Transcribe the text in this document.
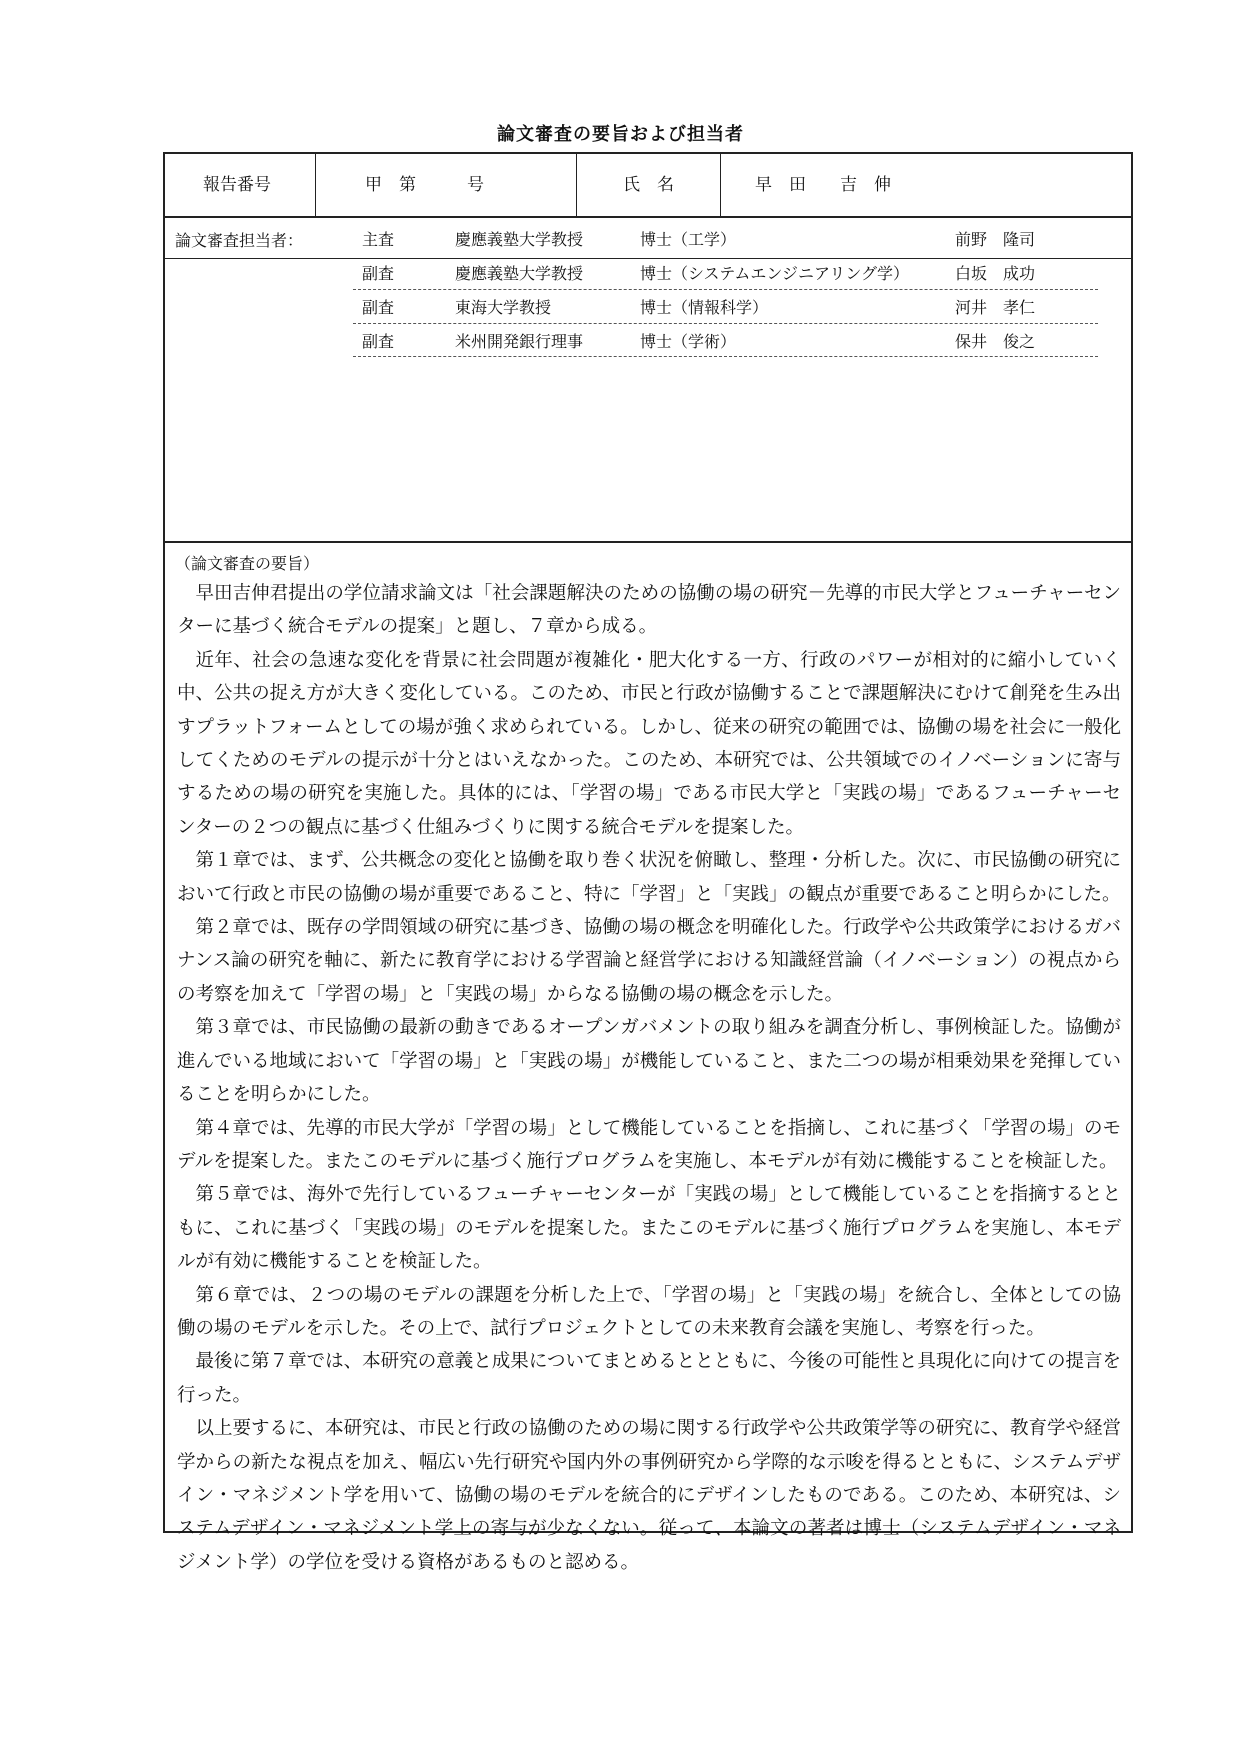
論文審査の要旨および担当者
報告番号	甲　第　　　号	氏　名	早　田　　吉　伸
論文審査担当者：	主査	慶應義塾大学教授	博士（工学）	前野　隆司
副査	慶應義塾大学教授	博士（システムエンジニアリング学）	白坂　成功
副査	東海大学教授	博士（情報科学）	河井　孝仁
副査	米州開発銀行理事	博士（学術）	保井　俊之
（論文審査の要旨）

早田吉伸君提出の学位請求論文は「社会課題解決のための協働の場の研究－先導的市民大学とフューチャーセンターに基づく統合モデルの提案」と題し、７章から成る。

近年、社会の急速な変化を背景に社会問題が複雑化・肥大化する一方、行政のパワーが相対的に縮小していく中、公共の捉え方が大きく変化している。このため、市民と行政が協働することで課題解決にむけて創発を生み出すプラットフォームとしての場が強く求められている。しかし、従来の研究の範囲では、協働の場を社会に一般化してくためのモデルの提示が十分とはいえなかった。このため、本研究では、公共領域でのイノベーションに寄与するための場の研究を実施した。具体的には、「学習の場」である市民大学と「実践の場」であるフューチャーセンターの２つの観点に基づく仕組みづくりに関する統合モデルを提案した。

第１章では、まず、公共概念の変化と協働を取り巻く状況を俯瞰し、整理・分析した。次に、市民協働の研究において行政と市民の協働の場が重要であること、特に「学習」と「実践」の観点が重要であること明らかにした。

第２章では、既存の学問領域の研究に基づき、協働の場の概念を明確化した。行政学や公共政策学におけるガバナンス論の研究を軸に、新たに教育学における学習論と経営学における知識経営論（イノベーション）の視点からの考察を加えて「学習の場」と「実践の場」からなる協働の場の概念を示した。

第３章では、市民協働の最新の動きであるオープンガバメントの取り組みを調査分析し、事例検証した。協働が進んでいる地域において「学習の場」と「実践の場」が機能していること、また二つの場が相乗効果を発揮していることを明らかにした。

第４章では、先導的市民大学が「学習の場」として機能していることを指摘し、これに基づく「学習の場」のモデルを提案した。またこのモデルに基づく施行プログラムを実施し、本モデルが有効に機能することを検証した。

第５章では、海外で先行しているフューチャーセンターが「実践の場」として機能していることを指摘するとともに、これに基づく「実践の場」のモデルを提案した。またこのモデルに基づく施行プログラムを実施し、本モデルが有効に機能することを検証した。

第６章では、２つの場のモデルの課題を分析した上で、「学習の場」と「実践の場」を統合し、全体としての協働の場のモデルを示した。その上で、試行プロジェクトとしての未来教育会議を実施し、考察を行った。

最後に第７章では、本研究の意義と成果についてまとめるととともに、今後の可能性と具現化に向けての提言を行った。

以上要するに、本研究は、市民と行政の協働のための場に関する行政学や公共政策学等の研究に、教育学や経営学からの新たな視点を加え、幅広い先行研究や国内外の事例研究から学際的な示唆を得るとともに、システムデザイン・マネジメント学を用いて、協働の場のモデルを統合的にデザインしたものである。このため、本研究は、システムデザイン・マネジメント学上の寄与が少なくない。従って、本論文の著者は博士（システムデザイン・マネジメント学）の学位を受ける資格があるものと認める。
